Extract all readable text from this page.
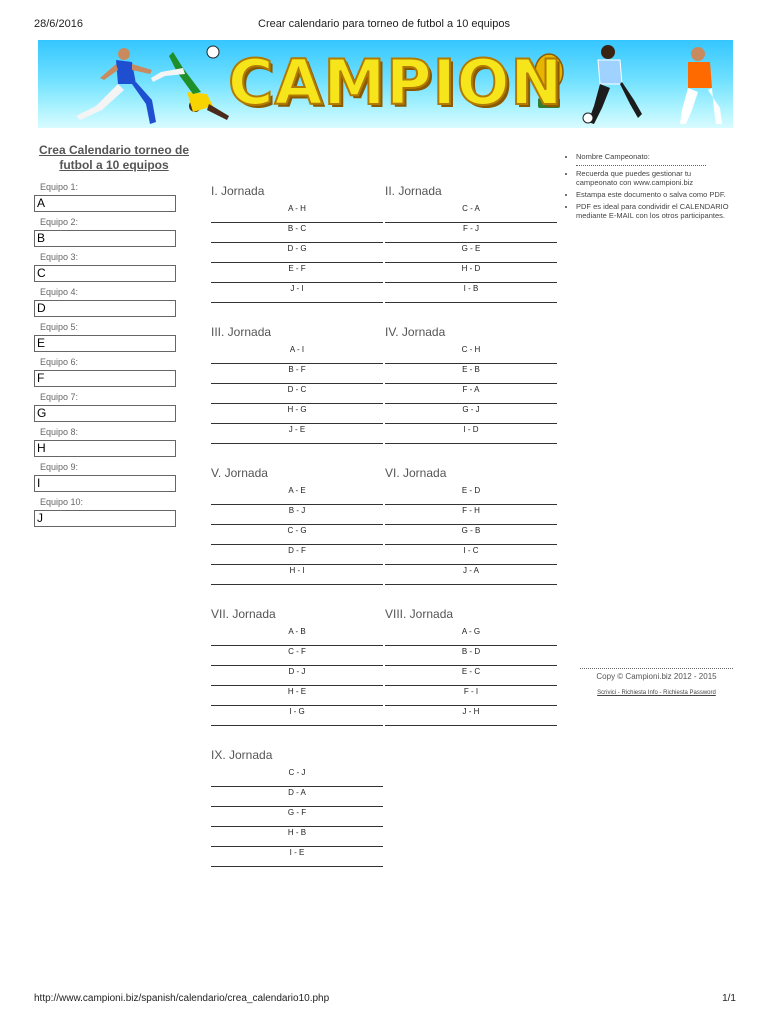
28/6/2016	Crear calendario para torneo de futbol a 10 equipos
CAMPION
Crea Calendario torneo de
futbol a 10 equipos
Equipo 1:
A
Equipo 2:
B
Equipo 3:
C
Equipo 4:
D
Equipo 5:
E
Equipo 6:
F
Equipo 7:
G
Equipo 8:
H
Equipo 9:
I
Equipo 10:
J
I. Jornada
A - H
B - C
D - G
E - F
J - I
II. Jornada
C - A
F - J
G - E
H - D
I - B
III. Jornada
A - I
B - F
D - C
H - G
J - E
IV. Jornada
C - H
E - B
F - A
G - J
I - D
V. Jornada
A - E
B - J
C - G
D - F
H - I
VI. Jornada
E - D
F - H
G - B
I - C
J - A
VII. Jornada
A - B
C - F
D - J
H - E
I - G
VIII. Jornada
A - G
B - D
E - C
F - I
J - H
IX. Jornada
C - J
D - A
G - F
H - B
I - E
• Nombre Campeonato:
• Recuerda que puedes gestionar tu campeonato con www.campioni.biz
• Estampa este documento o salva como PDF.
• PDF es ideal para condividir el CALENDARIO mediante E-MAIL con los otros participantes.
Copy © Campioni.biz 2012 - 2015
Scrivici - Richiesta Info - Richiesta Password
http://www.campioni.biz/spanish/calendario/crea_calendario10.php	1/1
